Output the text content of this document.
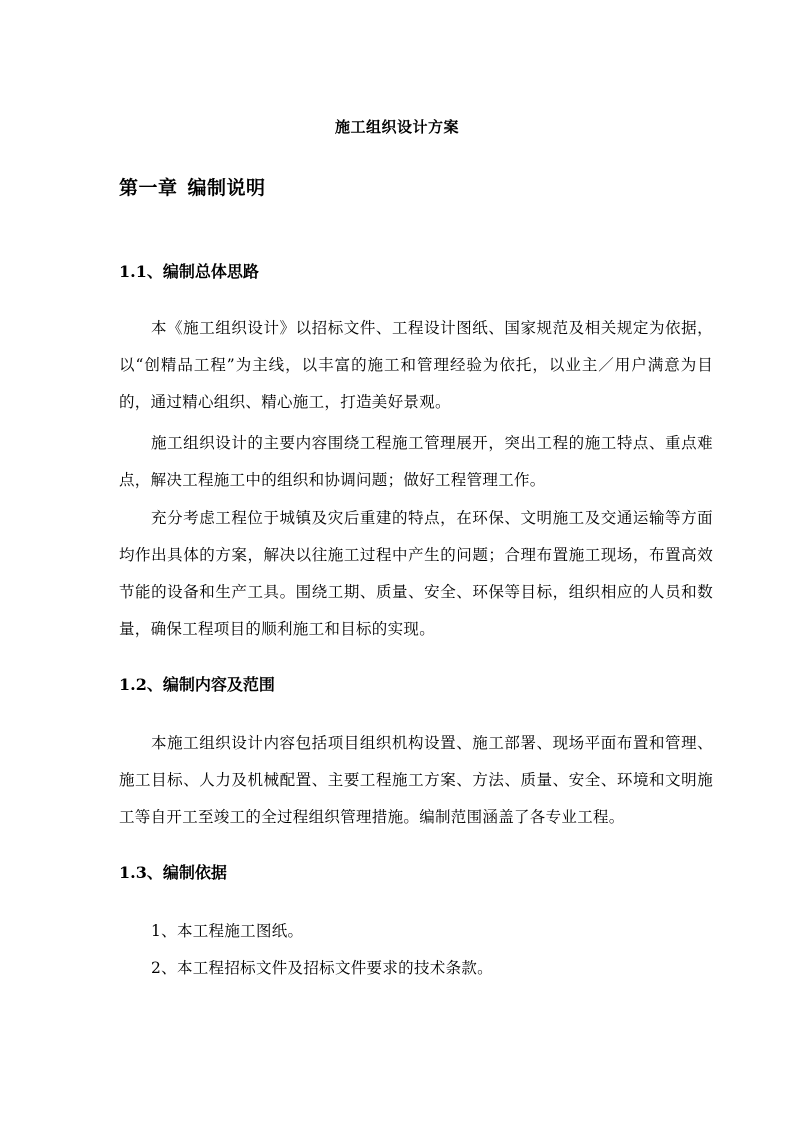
施工组织设计方案
第一章 编制说明
1.1、编制总体思路

本《施工组织设计》以招标文件、工程设计图纸、国家规范及相关规定为依据，以“创精品工程”为主线，以丰富的施工和管理经验为依托，以业主／用户满意为目的，通过精心组织、精心施工，打造美好景观。

施工组织设计的主要内容围绕工程施工管理展开，突出工程的施工特点、重点难点，解决工程施工中的组织和协调问题；做好工程管理工作。

充分考虑工程位于城镇及灾后重建的特点，在环保、文明施工及交通运输等方面均作出具体的方案，解决以往施工过程中产生的问题；合理布置施工现场，布置高效节能的设备和生产工具。围绕工期、质量、安全、环保等目标，组织相应的人员和数量，确保工程项目的顺利施工和目标的实现。

1.2、编制内容及范围

本施工组织设计内容包括项目组织机构设置、施工部署、现场平面布置和管理、施工目标、人力及机械配置、主要工程施工方案、方法、质量、安全、环境和文明施工等自开工至竣工的全过程组织管理措施。编制范围涵盖了各专业工程。

1.3、编制依据
1、本工程施工图纸。
2、本工程招标文件及招标文件要求的技术条款。
